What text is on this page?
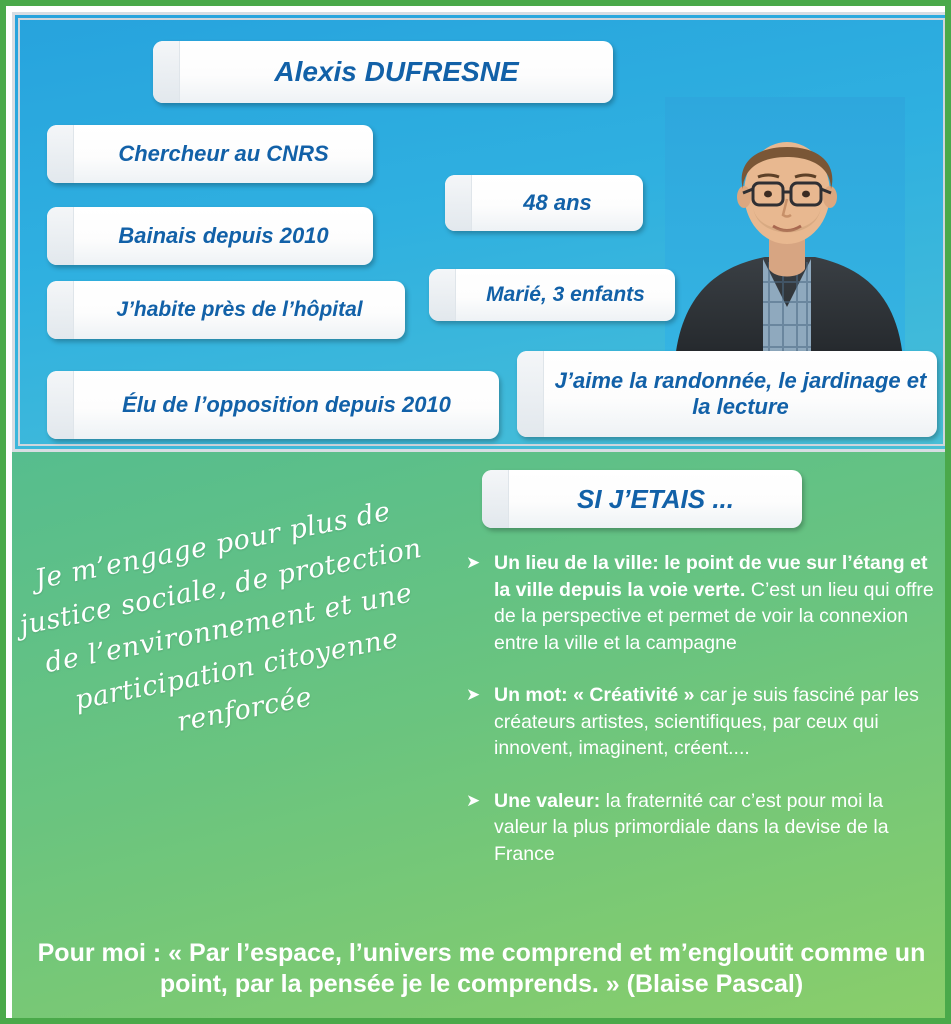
Alexis DUFRESNE
Chercheur au CNRS
48 ans
Bainais depuis 2010
Marié, 3 enfants
J’habite près de l’hôpital
Élu de l’opposition depuis 2010
J’aime la randonnée, le jardinage et la lecture
SI J’ETAIS ...
Je m’engage pour plus de justice sociale, de protection de l’environnement et une participation citoyenne renforcée
➤ Un lieu de la ville: le point de vue sur l’étang et la ville depuis la voie verte. C’est un lieu qui offre de la perspective et permet de voir la connexion entre la ville et la campagne
➤ Un mot: « Créativité » car je suis fasciné par les créateurs artistes, scientifiques, par ceux qui innovent, imaginent, créent....
➤ Une valeur: la fraternité car c’est pour moi la valeur la plus primordiale dans la devise de la France
Pour moi : « Par l’espace, l’univers me comprend et m’engloutit comme un point, par la pensée je le comprends. » (Blaise Pascal)
